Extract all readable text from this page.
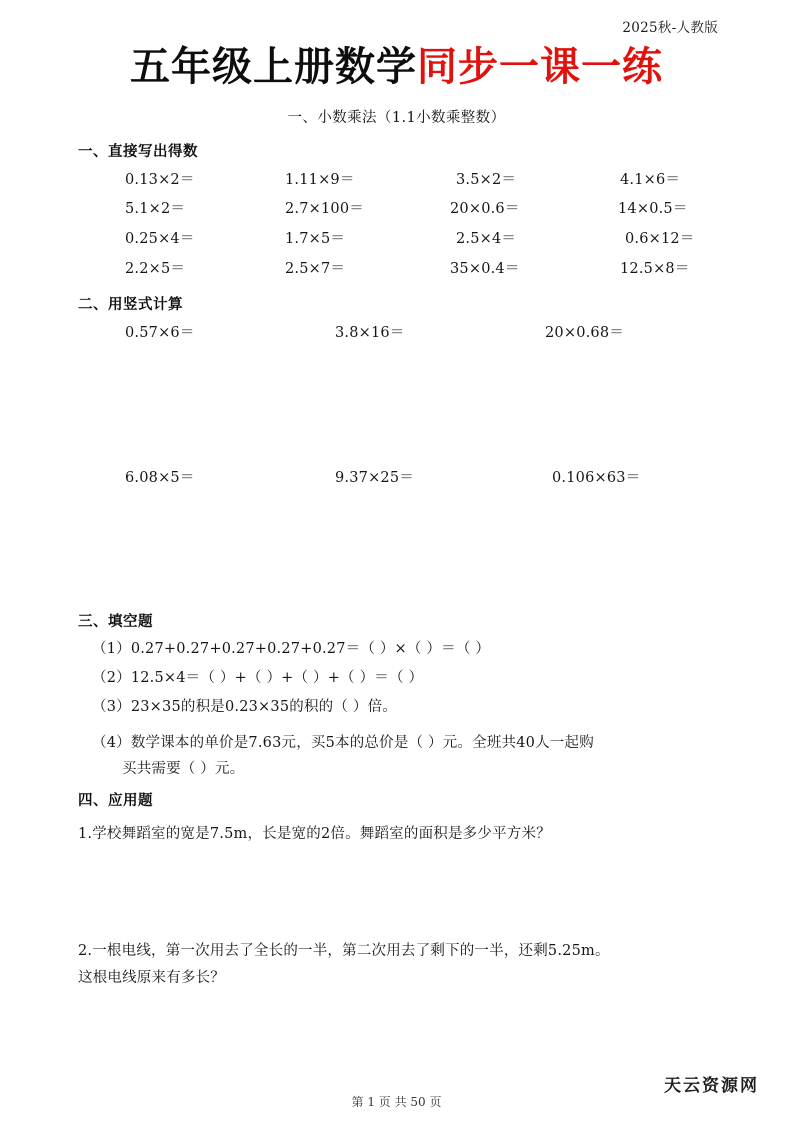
2025秋-人教版
五年级上册数学同步一课一练
一、小数乘法（1.1小数乘整数）
一、直接写出得数
0.13×2＝	1.11×9＝	3.5×2＝	4.1×6＝
5.1×2＝	2.7×100＝	20×0.6＝	14×0.5＝
0.25×4＝	1.7×5＝	2.5×4＝	0.6×12＝
2.2×5＝	2.5×7＝	35×0.4＝	12.5×8＝
二、用竖式计算
0.57×6＝	3.8×16＝	20×0.68＝
6.08×5＝	9.37×25＝	0.106×63＝
三、填空题
（1）0.27+0.27+0.27+0.27+0.27＝（ ）×（ ）＝（ ）
（2）12.5×4＝（ ）+（ ）+（ ）+（ ）＝（ ）
（3）23×35的积是0.23×35的积的（ ）倍。
（4）数学课本的单价是7.63元，买5本的总价是（ ）元。全班共40人一起购
买共需要（ ）元。
四、应用题
1.学校舞蹈室的宽是7.5m，长是宽的2倍。舞蹈室的面积是多少平方米？
2.一根电线，第一次用去了全长的一半，第二次用去了剩下的一半，还剩5.25m。
这根电线原来有多长？
第 1 页 共 50 页
天云资源网
